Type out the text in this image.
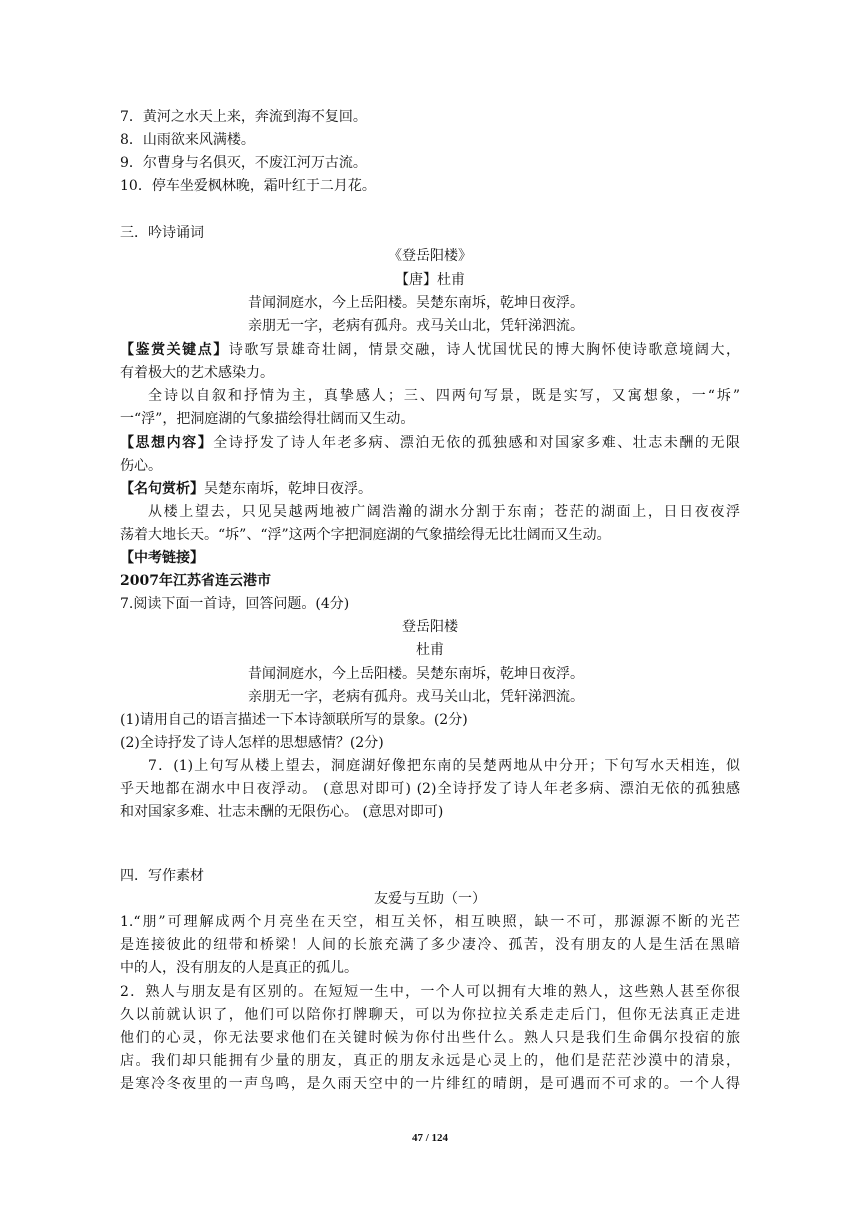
7．黄河之水天上来，奔流到海不复回。
8．山雨欲来风满楼。
9．尔曹身与名俱灭，不废江河万古流。
10．停车坐爱枫林晚，霜叶红于二月花。
三．吟诗诵词
《登岳阳楼》
【唐】杜甫
昔闻洞庭水，今上岳阳楼。吴楚东南坼，乾坤日夜浮。
亲朋无一字，老病有孤舟。戎马关山北，凭轩涕泗流。
【鉴赏关键点】诗歌写景雄奇壮阔，情景交融，诗人忧国忧民的博大胸怀使诗歌意境阔大，
有着极大的艺术感染力。
全诗以自叙和抒情为主，真挚感人；三、四两句写景，既是实写，又寓想象，一“坼”
一“浮”，把洞庭湖的气象描绘得壮阔而又生动。
【思想内容】全诗抒发了诗人年老多病、漂泊无依的孤独感和对国家多难、壮志未酬的无限
伤心。
【名句赏析】吴楚东南坼，乾坤日夜浮。
从楼上望去，只见吴越两地被广阔浩瀚的湖水分割于东南；苍茫的湖面上，日日夜夜浮
荡着大地长天。“坼”、“浮”这两个字把洞庭湖的气象描绘得无比壮阔而又生动。
【中考链接】
2007年江苏省连云港市
7.阅读下面一首诗，回答问题。(4分)
登岳阳楼
杜甫
昔闻洞庭水，今上岳阳楼。吴楚东南坼，乾坤日夜浮。
亲朋无一字，老病有孤舟。戎马关山北，凭轩涕泗流。
(1)请用自己的语言描述一下本诗颔联所写的景象。(2分)
(2)全诗抒发了诗人怎样的思想感情？(2分)
7．(1)上句写从楼上望去，洞庭湖好像把东南的吴楚两地从中分开；下句写水天相连，似
乎天地都在湖水中日夜浮动。 (意思对即可) (2)全诗抒发了诗人年老多病、漂泊无依的孤独感
和对国家多难、壮志未酬的无限伤心。 (意思对即可)
四．写作素材
友爱与互助（一）
1.“朋”可理解成两个月亮坐在天空，相互关怀，相互映照，缺一不可，那源源不断的光芒
是连接彼此的纽带和桥梁！人间的长旅充满了多少凄冷、孤苦，没有朋友的人是生活在黑暗
中的人，没有朋友的人是真正的孤儿。
2．熟人与朋友是有区别的。在短短一生中，一个人可以拥有大堆的熟人，这些熟人甚至你很
久以前就认识了，他们可以陪你打牌聊天，可以为你拉拉关系走走后门，但你无法真正走进
他们的心灵，你无法要求他们在关键时候为你付出些什么。熟人只是我们生命偶尔投宿的旅
店。我们却只能拥有少量的朋友，真正的朋友永远是心灵上的，他们是茫茫沙漠中的清泉，
是寒冷冬夜里的一声鸟鸣，是久雨天空中的一片绯红的晴朗，是可遇而不可求的。一个人得
47 / 124
